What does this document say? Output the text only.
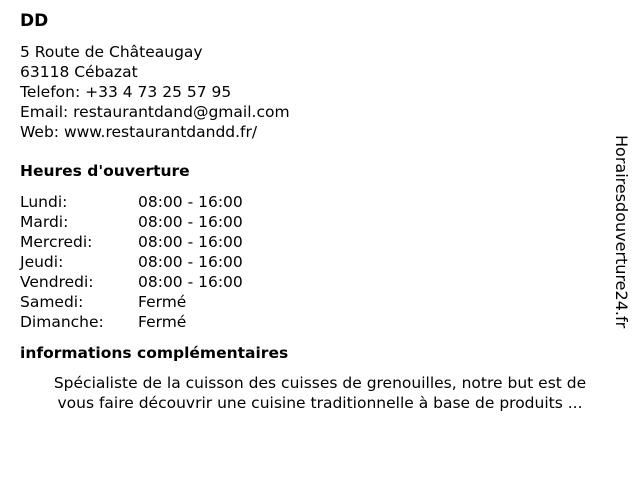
DD
5 Route de Châteaugay
63118 Cébazat
Telefon: +33 4 73 25 57 95
Email: restaurantdand@gmail.com
Web: www.restaurantdandd.fr/
Heures d'ouverture
Lundi:	08:00 - 16:00
Mardi:	08:00 - 16:00
Mercredi:	08:00 - 16:00
Jeudi:	08:00 - 16:00
Vendredi:	08:00 - 16:00
Samedi:	Fermé
Dimanche:	Fermé
informations complémentaires
Spécialiste de la cuisson des cuisses de grenouilles, notre but est de
vous faire découvrir une cuisine traditionnelle à base de produits ...
Horairesdouverture24.fr
